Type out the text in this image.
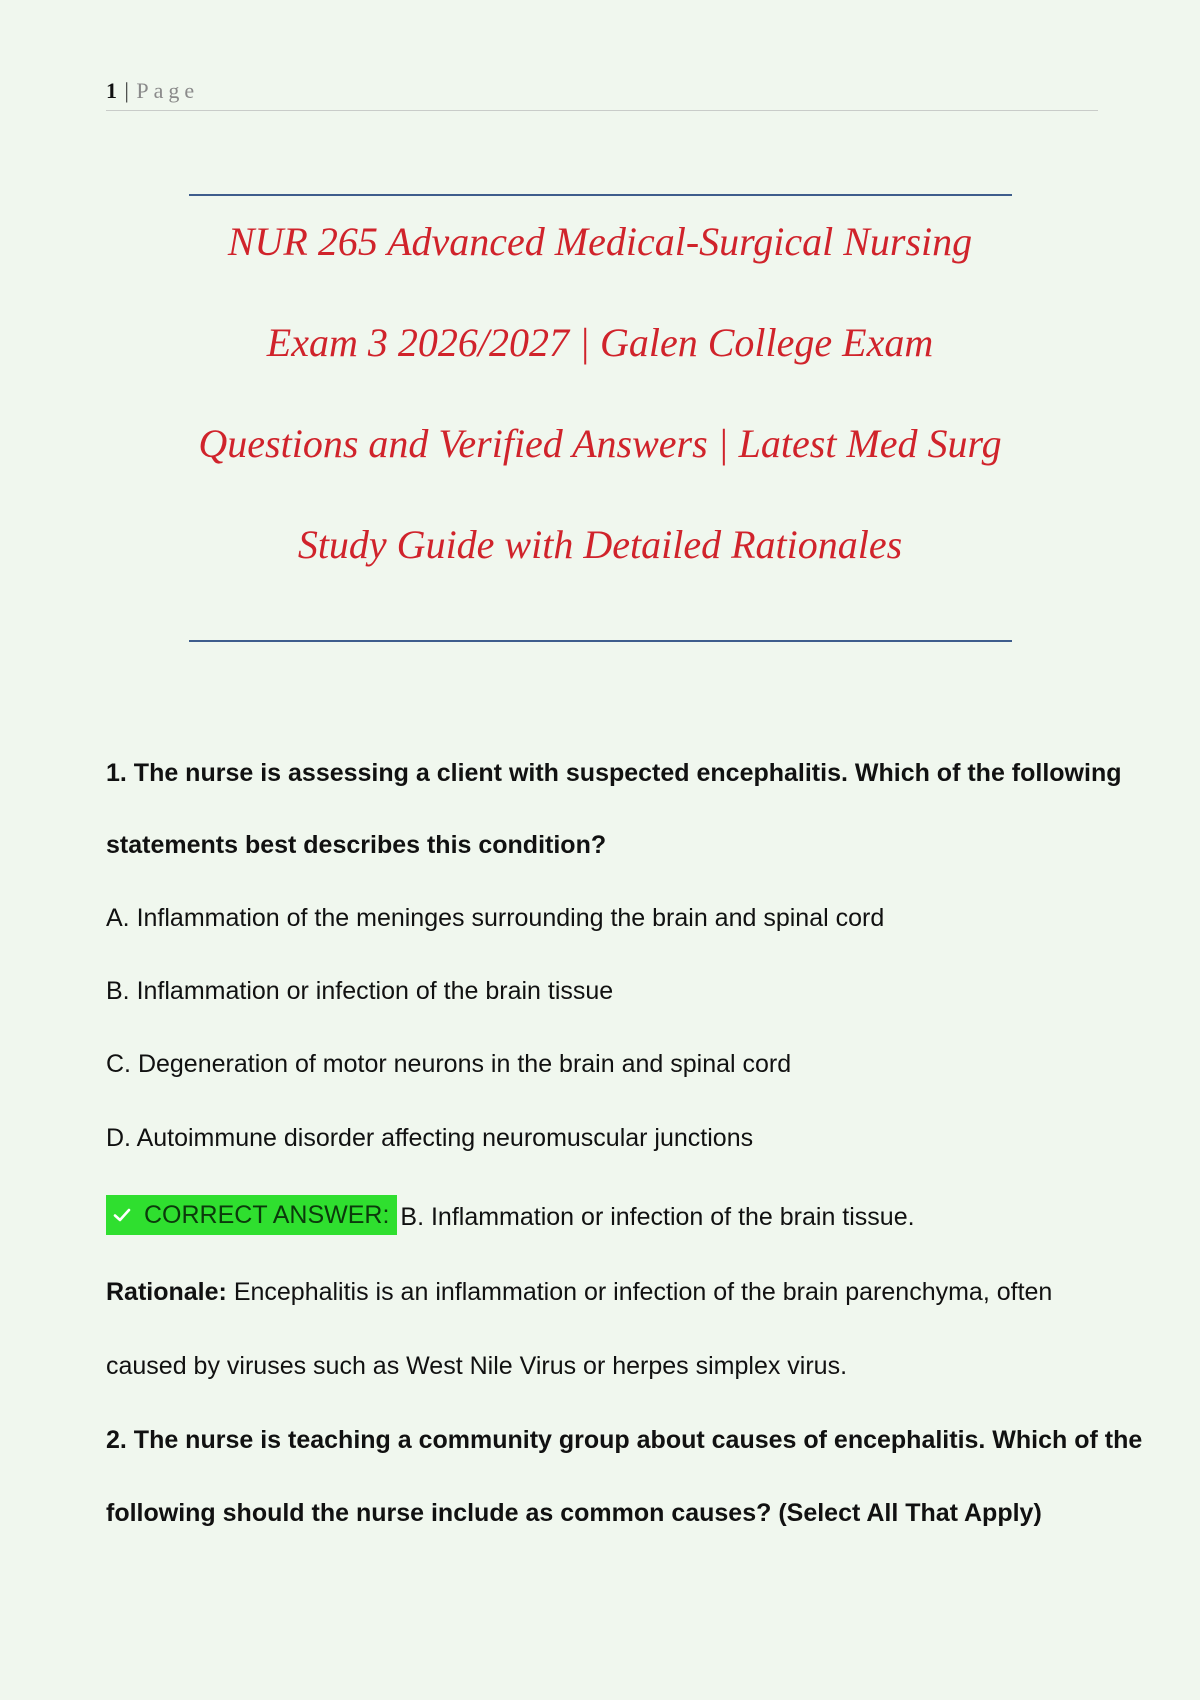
1 | Page
NUR 265 Advanced Medical-Surgical Nursing
Exam 3 2026/2027 | Galen College Exam
Questions and Verified Answers | Latest Med Surg
Study Guide with Detailed Rationales
1. The nurse is assessing a client with suspected encephalitis. Which of the following
statements best describes this condition?
A. Inflammation of the meninges surrounding the brain and spinal cord
B. Inflammation or infection of the brain tissue
C. Degeneration of motor neurons in the brain and spinal cord
D. Autoimmune disorder affecting neuromuscular junctions
CORRECT ANSWER: B. Inflammation or infection of the brain tissue.
Rationale: Encephalitis is an inflammation or infection of the brain parenchyma, often
caused by viruses such as West Nile Virus or herpes simplex virus.
2. The nurse is teaching a community group about causes of encephalitis. Which of the
following should the nurse include as common causes? (Select All That Apply)
